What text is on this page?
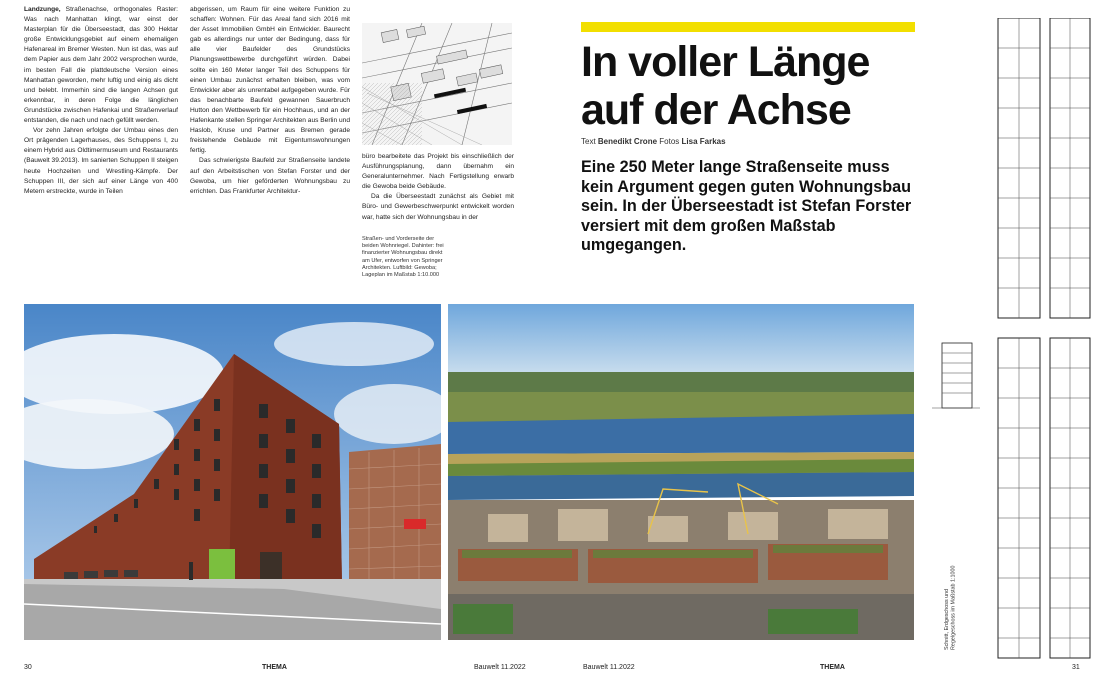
Landzunge, Straßenachse, orthogonales Raster: Was nach Manhattan klingt, war einst der Masterplan für die Überseestadt, das 300 Hektar große Entwicklungsgebiet auf einem ehemaligen Hafenareal im Bremer Westen. Nun ist das, was auf dem Papier aus dem Jahr 2002 versprochen wurde, im besten Fall die plattdeutsche Version eines Manhattan geworden, mehr luftig und einig als dicht und belebt. Immerhin sind die langen Achsen gut erkennbar, in deren Folge die länglichen Grundstücke zwischen Hafenkai und Straßenverlauf entstanden, die nach und nach gefüllt werden.

Vor zehn Jahren erfolgte der Umbau eines den Ort prägenden Lagerhauses, des Schuppens I, zu einem Hybrid aus Oldtimermuseum und Restaurants (Bauwelt 39.2013). Im sanierten Schuppen II steigen heute Hochzeiten und Wrestling-Kämpfe. Der Schuppen III, der sich auf einer Länge von 400 Metern erstreckte, wurde in Teilen

abgerissen, um Raum für eine weitere Funktion zu schaffen: Wohnen. Für das Areal fand sich 2016 mit der Asset Immobilien GmbH ein Entwickler. Baurecht gab es allerdings nur unter der Bedingung, dass für alle vier Baufelder des Grundstücks Planungswettbewerbe durchgeführt würden. Dabei sollte ein 160 Meter langer Teil des Schuppens für einen Umbau zunächst erhalten bleiben, was vom Entwickler aber als unrentabel aufgegeben wurde. Für das benachbarte Baufeld gewannen Sauerbruch Hutton den Wettbewerb für ein Hochhaus, und an der Hafenkante stellen Springer Architekten aus Berlin und Haslob, Kruse und Partner aus Bremen gerade freistehende Gebäude mit Eigentumswohnungen fertig.

Das schwierigste Baufeld zur Straßenseite landete auf den Arbeitstischen von Stefan Forster und der Gewoba, um hier geförderten Wohnungsbau zu errichten. Das Frankfurter Architektur-

büro bearbeitete das Projekt bis einschließlich der Ausführungsplanung, dann übernahm ein Generalunternehmer. Nach Fertigstellung erwarb die Gewoba beide Gebäude.

Da die Überseestadt zunächst als Gebiet mit Büro- und Gewerbeschwerpunkt entwickelt worden war, hatte sich der Wohnungsbau in der

Straßen- und Vorderseite der beiden Wohnriegel. Dahinter: frei finanzierter Wohnungsbau direkt am Ufer, entworfen von Springer Architekten. Luftbild: Gewoba; Lageplan im Maßstab 1:10.000
In voller Länge auf der Achse
Text Benedikt Crone Fotos Lisa Farkas
Eine 250 Meter lange Straßenseite muss kein Argument gegen guten Wohnungsbau sein. In der Überseestadt ist Stefan Forster versiert mit dem großen Maßstab umgegangen.
Schnitt, Erdgeschoss und Regelgeschoss im Maßstab 1:1000
30	THEMA	Bauwelt 11.2022	Bauwelt 11.2022	THEMA	31
